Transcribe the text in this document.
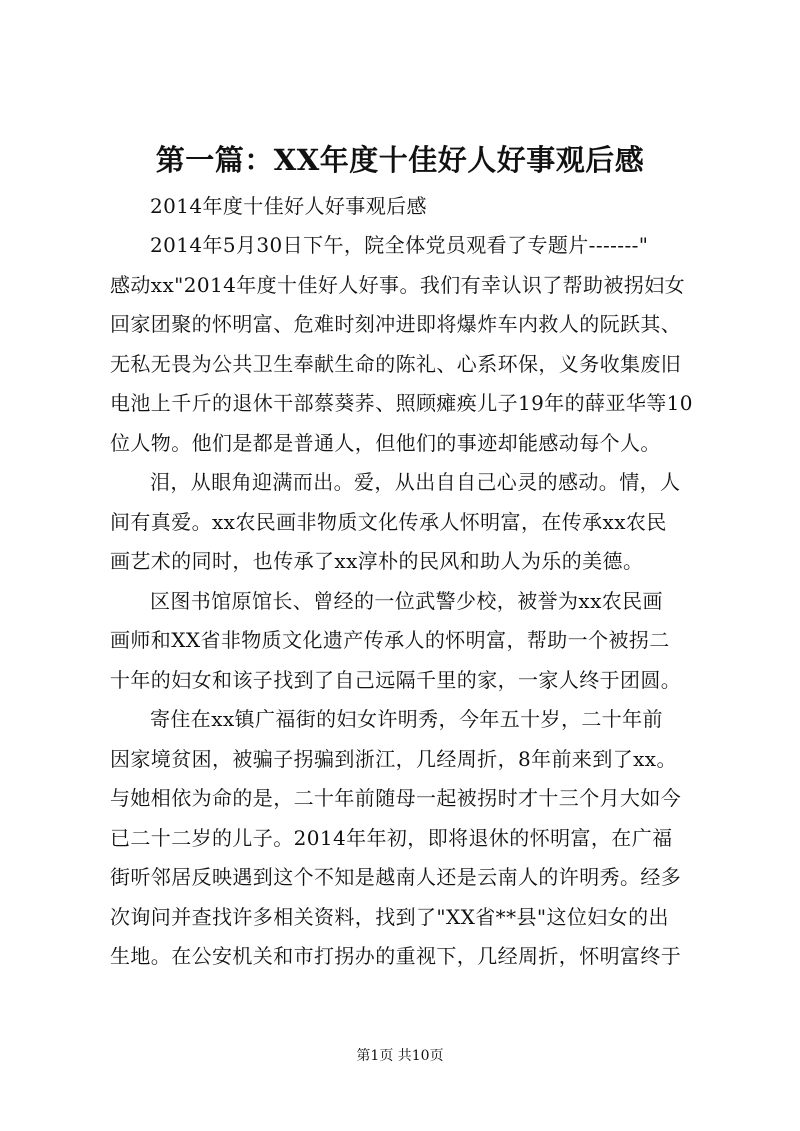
第一篇：XX年度十佳好人好事观后感
2014年度十佳好人好事观后感
2014年5月30日下午，院全体党员观看了专题片-------"
感动xx"2014年度十佳好人好事。我们有幸认识了帮助被拐妇女
回家团聚的怀明富、危难时刻冲进即将爆炸车内救人的阮跃其、
无私无畏为公共卫生奉献生命的陈礼、心系环保，义务收集废旧
电池上千斤的退休干部蔡葵荞、照顾瘫痪儿子19年的薛亚华等10
位人物。他们是都是普通人，但他们的事迹却能感动每个人。
泪，从眼角迎满而出。爱，从出自自己心灵的感动。情，人
间有真爱。xx农民画非物质文化传承人怀明富，在传承xx农民
画艺术的同时，也传承了xx淳朴的民风和助人为乐的美德。
区图书馆原馆长、曾经的一位武警少校，被誉为xx农民画
画师和XX省非物质文化遗产传承人的怀明富，帮助一个被拐二
十年的妇女和该子找到了自己远隔千里的家，一家人终于团圆。
寄住在xx镇广福街的妇女许明秀，今年五十岁，二十年前
因家境贫困，被骗子拐骗到浙江，几经周折，8年前来到了xx。
与她相依为命的是，二十年前随母一起被拐时才十三个月大如今
已二十二岁的儿子。2014年年初，即将退休的怀明富，在广福
街听邻居反映遇到这个不知是越南人还是云南人的许明秀。经多
次询问并查找许多相关资料，找到了"XX省**县"这位妇女的出
生地。在公安机关和市打拐办的重视下，几经周折，怀明富终于
第1页 共10页
